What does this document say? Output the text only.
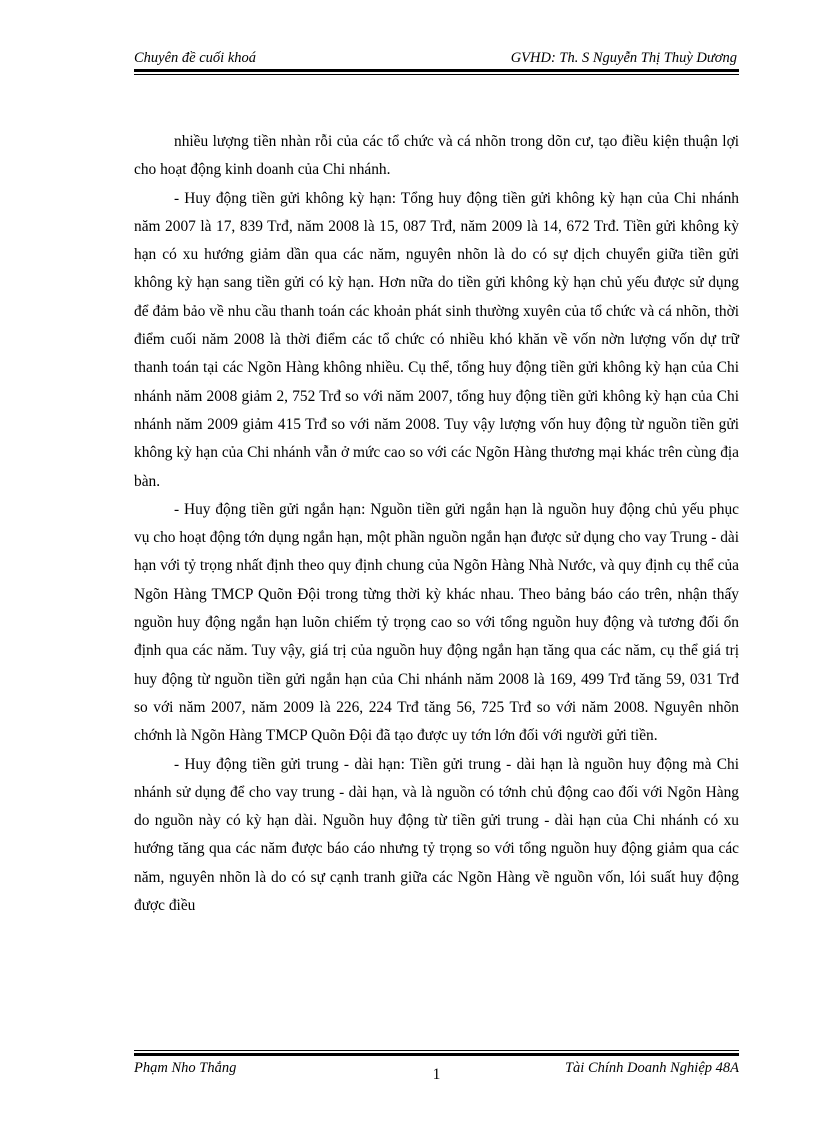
Chuyên đề cuối khoá	GVHD: Th. S Nguyễn Thị Thuỳ Dương

nhiều lượng tiền nhàn rỗi của các tổ chức và cá nhõn trong dõn cư, tạo điều kiện thuận lợi cho hoạt động kinh doanh của Chi nhánh.

- Huy động tiền gửi không kỳ hạn: Tổng huy động tiền gửi không kỳ hạn của Chi nhánh năm 2007 là 17, 839 Trđ, năm 2008 là 15, 087 Trđ, năm 2009 là 14, 672 Trđ. Tiền gửi không kỳ hạn có xu hướng giảm dần qua các năm, nguyên nhõn là do có sự dịch chuyển giữa tiền gửi không kỳ hạn sang tiền gửi có kỳ hạn. Hơn nữa do tiền gửi không kỳ hạn chủ yếu được sử dụng để đảm bảo về nhu cầu thanh toán các khoản phát sinh thường xuyên của tổ chức và cá nhõn, thời điểm cuối năm 2008 là thời điểm các tổ chức có nhiều khó khăn về vốn nờn lượng vốn dự trữ thanh toán tại các Ngõn Hàng không nhiều. Cụ thể, tổng huy động tiền gửi không kỳ hạn của Chi nhánh năm 2008 giảm 2, 752 Trđ so với năm 2007, tổng huy động tiền gửi không kỳ hạn của Chi nhánh năm 2009 giảm 415 Trđ so với năm 2008. Tuy vậy lượng vốn huy động từ nguồn tiền gửi không kỳ hạn của Chi nhánh vẫn ở mức cao so với các Ngõn Hàng thương mại khác trên cùng địa bàn.

- Huy động tiền gửi ngắn hạn: Nguồn tiền gửi ngắn hạn là nguồn huy động chủ yếu phục vụ cho hoạt động tớn dụng ngắn hạn, một phần nguồn ngắn hạn được sử dụng cho vay Trung - dài hạn với tỷ trọng nhất định theo quy định chung của Ngõn Hàng Nhà Nước, và quy định cụ thể của Ngõn Hàng TMCP Quõn Đội trong từng thời kỳ khác nhau. Theo bảng báo cáo trên, nhận thấy nguồn huy động ngắn hạn luõn chiếm tỷ trọng cao so với tổng nguồn huy động và tương đối ổn định qua các năm. Tuy vậy, giá trị của nguồn huy động ngắn hạn tăng qua các năm, cụ thể giá trị huy động từ nguồn tiền gửi ngắn hạn của Chi nhánh năm 2008 là 169, 499 Trđ tăng 59, 031 Trđ so với năm 2007, năm 2009 là 226, 224 Trđ tăng 56, 725 Trđ so với năm 2008. Nguyên nhõn chớnh là Ngõn Hàng TMCP Quõn Đội đã tạo được uy tớn lớn đối với người gửi tiền.

- Huy động tiền gửi trung - dài hạn: Tiền gửi trung - dài hạn là nguồn huy động mà Chi nhánh sử dụng để cho vay trung - dài hạn, và là nguồn có tớnh chủ động cao đối với Ngõn Hàng do nguồn này có kỳ hạn dài. Nguồn huy động từ tiền gửi trung - dài hạn của Chi nhánh có xu hướng tăng qua các năm được báo cáo nhưng tỷ trọng so với tổng nguồn huy động giảm qua các năm, nguyên nhõn là do có sự cạnh tranh giữa các Ngõn Hàng về nguồn vốn, lói suất huy động được điều

Phạm Nho Thắng	1	Tài Chính Doanh Nghiệp 48A
